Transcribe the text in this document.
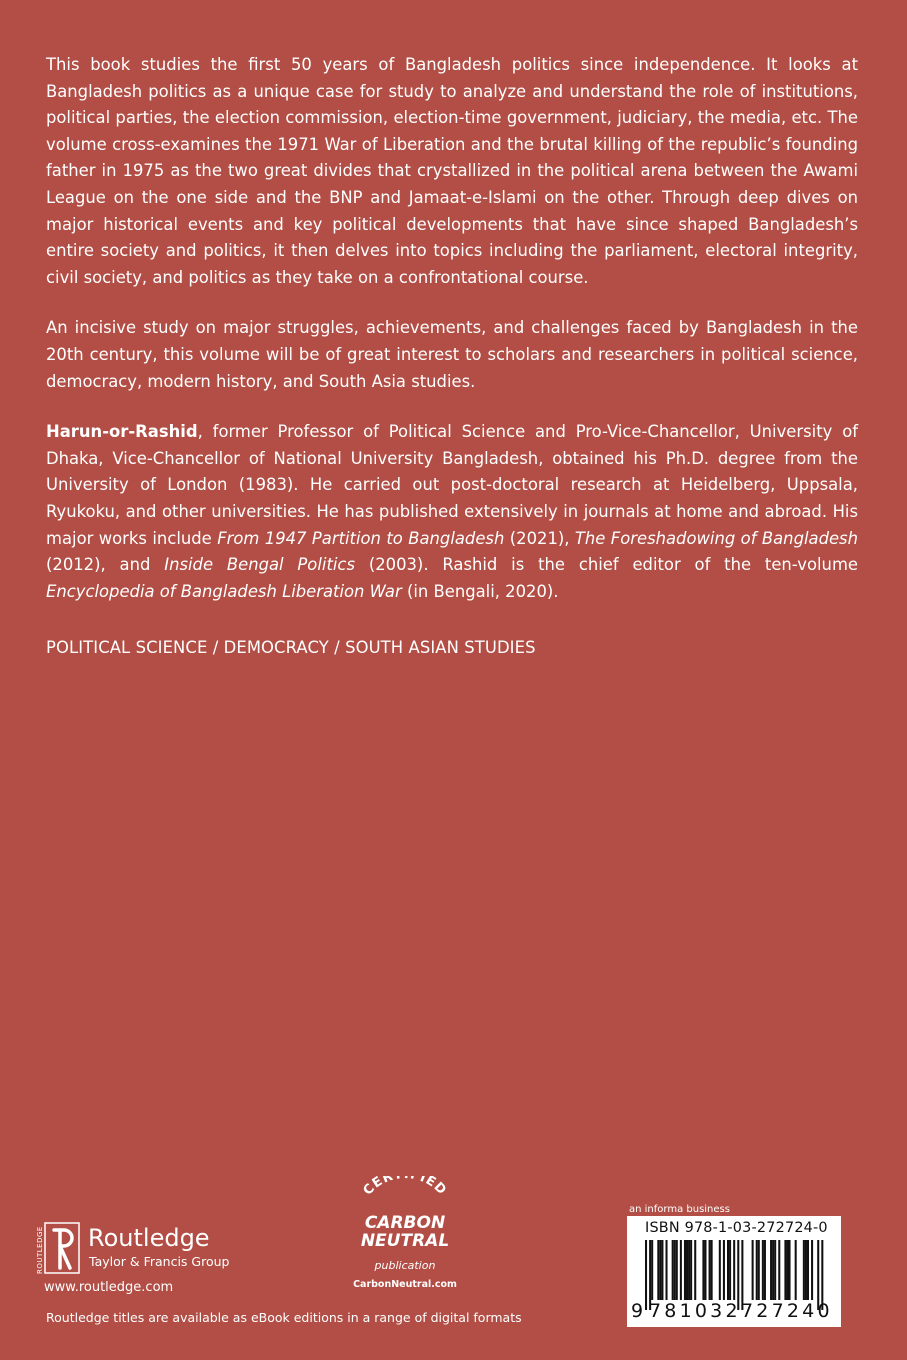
This book studies the first 50 years of Bangladesh politics since independence. It looks at Bangladesh politics as a unique case for study to analyze and understand the role of institutions, political parties, the election commission, election-time government, judiciary, the media, etc. The volume cross-examines the 1971 War of Liberation and the brutal killing of the republic’s founding father in 1975 as the two great divides that crystallized in the political arena between the Awami League on the one side and the BNP and Jamaat-e-Islami on the other. Through deep dives on major historical events and key political developments that have since shaped Bangladesh’s entire society and politics, it then delves into topics including the parliament, electoral integrity, civil society, and politics as they take on a confrontational course.

An incisive study on major struggles, achievements, and challenges faced by Bangladesh in the 20th century, this volume will be of great interest to scholars and researchers in political science, democracy, modern history, and South Asia studies.

Harun-or-Rashid, former Professor of Political Science and Pro-Vice-Chancellor, University of Dhaka, Vice-Chancellor of National University Bangladesh, obtained his Ph.D. degree from the University of London (1983). He carried out post-doctoral research at Heidelberg, Uppsala, Ryukoku, and other universities. He has published extensively in journals at home and abroad. His major works include From 1947 Partition to Bangladesh (2021), The Foreshadowing of Bangladesh (2012), and Inside Bengal Politics (2003). Rashid is the chief editor of the ten-volume Encyclopedia of Bangladesh Liberation War (in Bengali, 2020).

POLITICAL SCIENCE / DEMOCRACY / SOUTH ASIAN STUDIES

Routledge
Taylor & Francis Group
www.routledge.com
ROUTLEDGE
Routledge titles are available as eBook editions in a range of digital formats
CER IED
CARBON
NEUTRAL
publication
CarbonNeutral.com
an informa business
ISBN 978-1-03-272724-0
9 781032 727240
